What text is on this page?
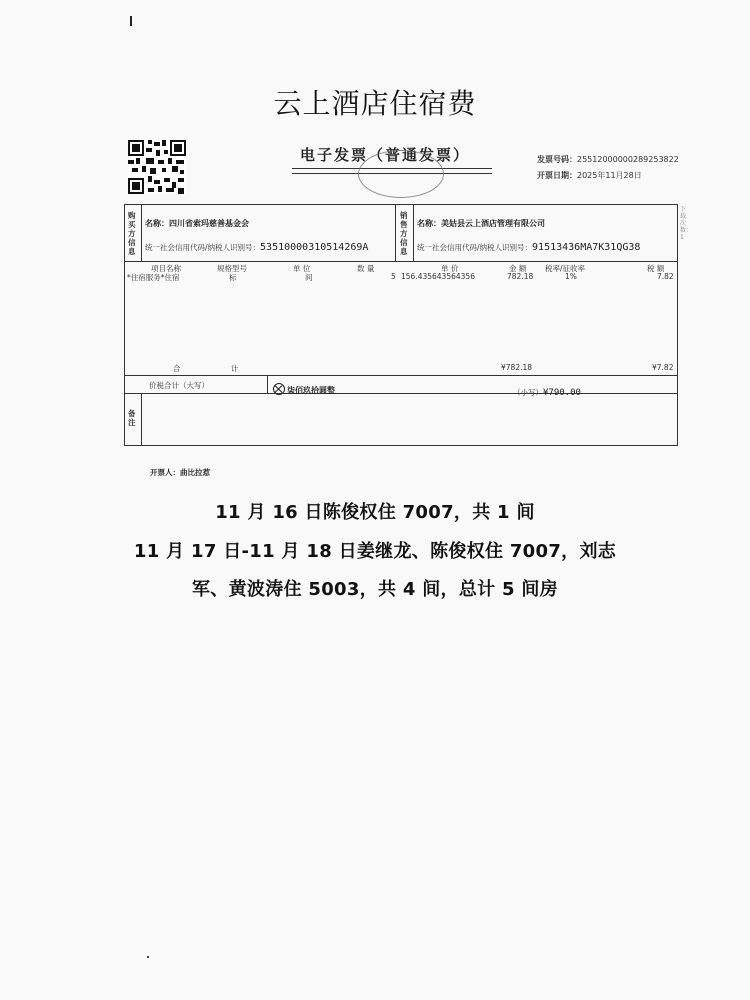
云上酒店住宿费
电子发票（普通发票）	发票号码：25512000000289253822
开票日期：2025年11月28日
下载次数：1
购买方信息
名称：四川省索玛慈善基金会
统一社会信用代码/纳税人识别号：53510000310514269A
销售方信息
名称：美姑县云上酒店管理有限公司
统一社会信用代码/纳税人识别号：91513436MA7K31QG38
项目名称	规格型号	单 位	数 量	单 价	金 额 税率/征收率	税 额
*住宿服务*住宿	标	间	5 156.435643564356	782.18	1%	7.82
合 计	¥782.18	¥7.82
价税合计（大写）
柒佰玖拾圆整	（小写）¥790.00
备注
开票人：曲比拉惹
11 月 16 日陈俊权住 7007，共 1 间
11 月 17 日-11 月 18 日姜继龙、陈俊权住 7007，刘志
军、黄波涛住 5003，共 4 间，总计 5 间房
